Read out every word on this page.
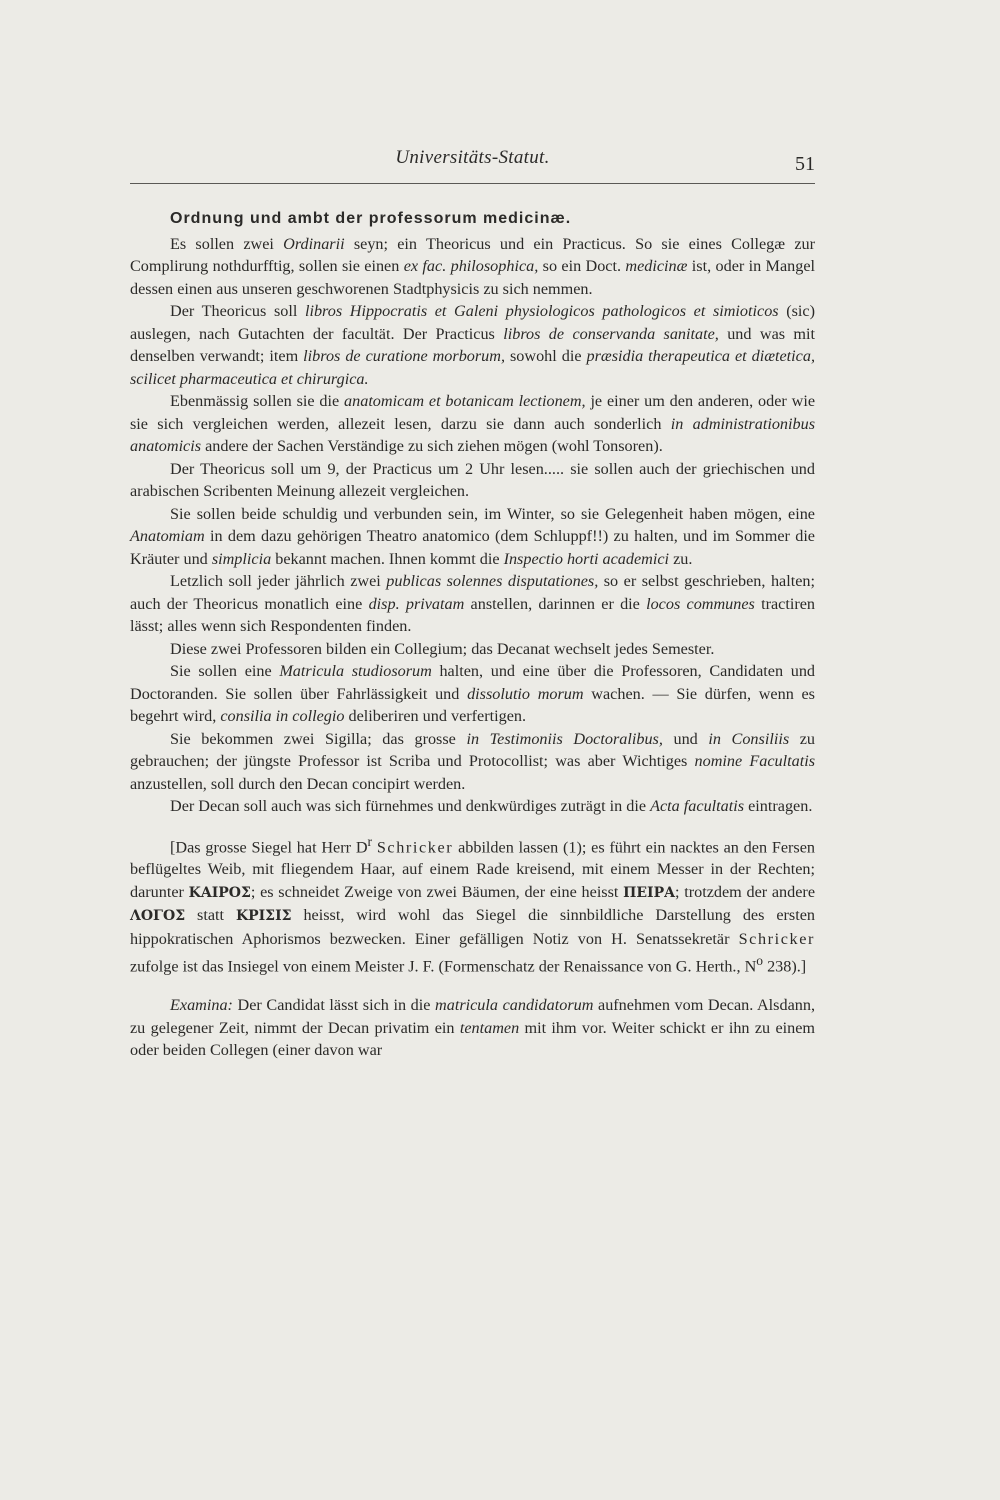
Universitäts-Statut.	51

Ordnung und ambt der professorum medicinæ.

Es sollen zwei Ordinarii seyn; ein Theoricus und ein Practicus. So sie eines Collegæ zur Complirung nothdurfftig, sollen sie einen ex fac. philosophica, so ein Doct. medicinæ ist, oder in Mangel dessen einen aus unseren geschworenen Stadtphysicis zu sich nemmen.

Der Theoricus soll libros Hippocratis et Galeni physiologicos pathologicos et simioticos (sic) auslegen, nach Gutachten der facultät. Der Practicus libros de conservanda sanitate, und was mit denselben verwandt; item libros de curatione morborum, sowohl die præsidia therapeutica et diætetica, scilicet pharmaceutica et chirurgica.

Ebenmässig sollen sie die anatomicam et botanicam lectionem, je einer um den anderen, oder wie sie sich vergleichen werden, allezeit lesen, darzu sie dann auch sonderlich in administrationibus anatomicis andere der Sachen Verständige zu sich ziehen mögen (wohl Tonsoren).

Der Theoricus soll um 9, der Practicus um 2 Uhr lesen..... sie sollen auch der griechischen und arabischen Scribenten Meinung allezeit vergleichen.

Sie sollen beide schuldig und verbunden sein, im Winter, so sie Gelegenheit haben mögen, eine Anatomiam in dem dazu gehörigen Theatro anatomico (dem Schluppf!!) zu halten, und im Sommer die Kräuter und simplicia bekannt machen. Ihnen kommt die Inspectio horti academici zu.

Letzlich soll jeder jährlich zwei publicas solennes disputationes, so er selbst geschrieben, halten; auch der Theoricus monatlich eine disp. privatam anstellen, darinnen er die locos communes tractiren lässt; alles wenn sich Respondenten finden.

Diese zwei Professoren bilden ein Collegium; das Decanat wechselt jedes Semester.

Sie sollen eine Matricula studiosorum halten, und eine über die Professoren, Candidaten und Doctoranden. Sie sollen über Fahrlässigkeit und dissolutio morum wachen. — Sie dürfen, wenn es begehrt wird, consilia in collegio deliberiren und verfertigen.

Sie bekommen zwei Sigilla; das grosse in Testimoniis Doctoralibus, und in Consiliis zu gebrauchen; der jüngste Professor ist Scriba und Protocollist; was aber Wichtiges nomine Facultatis anzustellen, soll durch den Decan concipirt werden.

Der Decan soll auch was sich fürnehmes und denkwürdiges zuträgt in die Acta facultatis eintragen.

[Das grosse Siegel hat Herr $D^r$ Schricker abbilden lassen (1); es führt ein nacktes an den Fersen beflügeltes Weib, mit fliegendem Haar, auf einem Rade kreisend, mit einem Messer in der Rechten; darunter ΚΑΙΡΟΣ; es schneidet Zweige von zwei Bäumen, der eine heisst ΠΕΙΡΑ; trotzdem der andere ΛΟΓΟΣ statt ΚΡΙΣΙΣ heisst, wird wohl das Siegel die sinnbildliche Darstellung des ersten hippokratischen Aphorismos bezwecken. Einer gefälligen Notiz von H. Senatssekretär Schricker zufolge ist das Insiegel von einem Meister J. F. (Formenschatz der Renaissance von G. Herth., $N^o$ 238).]

Examina: Der Candidat lässt sich in die matricula candidatorum aufnehmen vom Decan. Alsdann, zu gelegener Zeit, nimmt der Decan privatim ein tentamen mit ihm vor. Weiter schickt er ihn zu einem oder beiden Collegen (einer davon war
